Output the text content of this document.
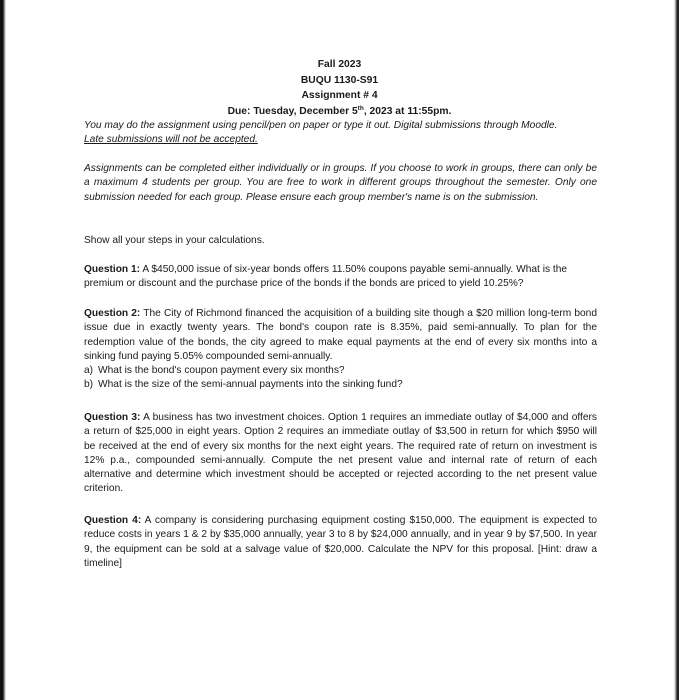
Fall 2023
BUQU 1130-S91
Assignment # 4
Due: Tuesday, December 5th, 2023 at 11:55pm.

You may do the assignment using pencil/pen on paper or type it out. Digital submissions through Moodle.

Late submissions will not be accepted.

Assignments can be completed either individually or in groups. If you choose to work in groups, there can only be a maximum 4 students per group. You are free to work in different groups throughout the semester. Only one submission needed for each group. Please ensure each group member's name is on the submission.

Show all your steps in your calculations.

Question 1: A $450,000 issue of six-year bonds offers 11.50% coupons payable semi-annually. What is the premium or discount and the purchase price of the bonds if the bonds are priced to yield 10.25%?

Question 2: The City of Richmond financed the acquisition of a building site though a $20 million long-term bond issue due in exactly twenty years. The bond's coupon rate is 8.35%, paid semi-annually. To plan for the redemption value of the bonds, the city agreed to make equal payments at the end of every six months into a sinking fund paying 5.05% compounded semi-annually.

a) What is the bond's coupon payment every six months?
b) What is the size of the semi-annual payments into the sinking fund?

Question 3: A business has two investment choices. Option 1 requires an immediate outlay of $4,000 and offers a return of $25,000 in eight years. Option 2 requires an immediate outlay of $3,500 in return for which $950 will be received at the end of every six months for the next eight years. The required rate of return on investment is 12% p.a., compounded semi-annually. Compute the net present value and internal rate of return of each alternative and determine which investment should be accepted or rejected according to the net present value criterion.

Question 4: A company is considering purchasing equipment costing $150,000. The equipment is expected to reduce costs in years 1 & 2 by $35,000 annually, year 3 to 8 by $24,000 annually, and in year 9 by $7,500. In year 9, the equipment can be sold at a salvage value of $20,000. Calculate the NPV for this proposal. [Hint: draw a timeline]
